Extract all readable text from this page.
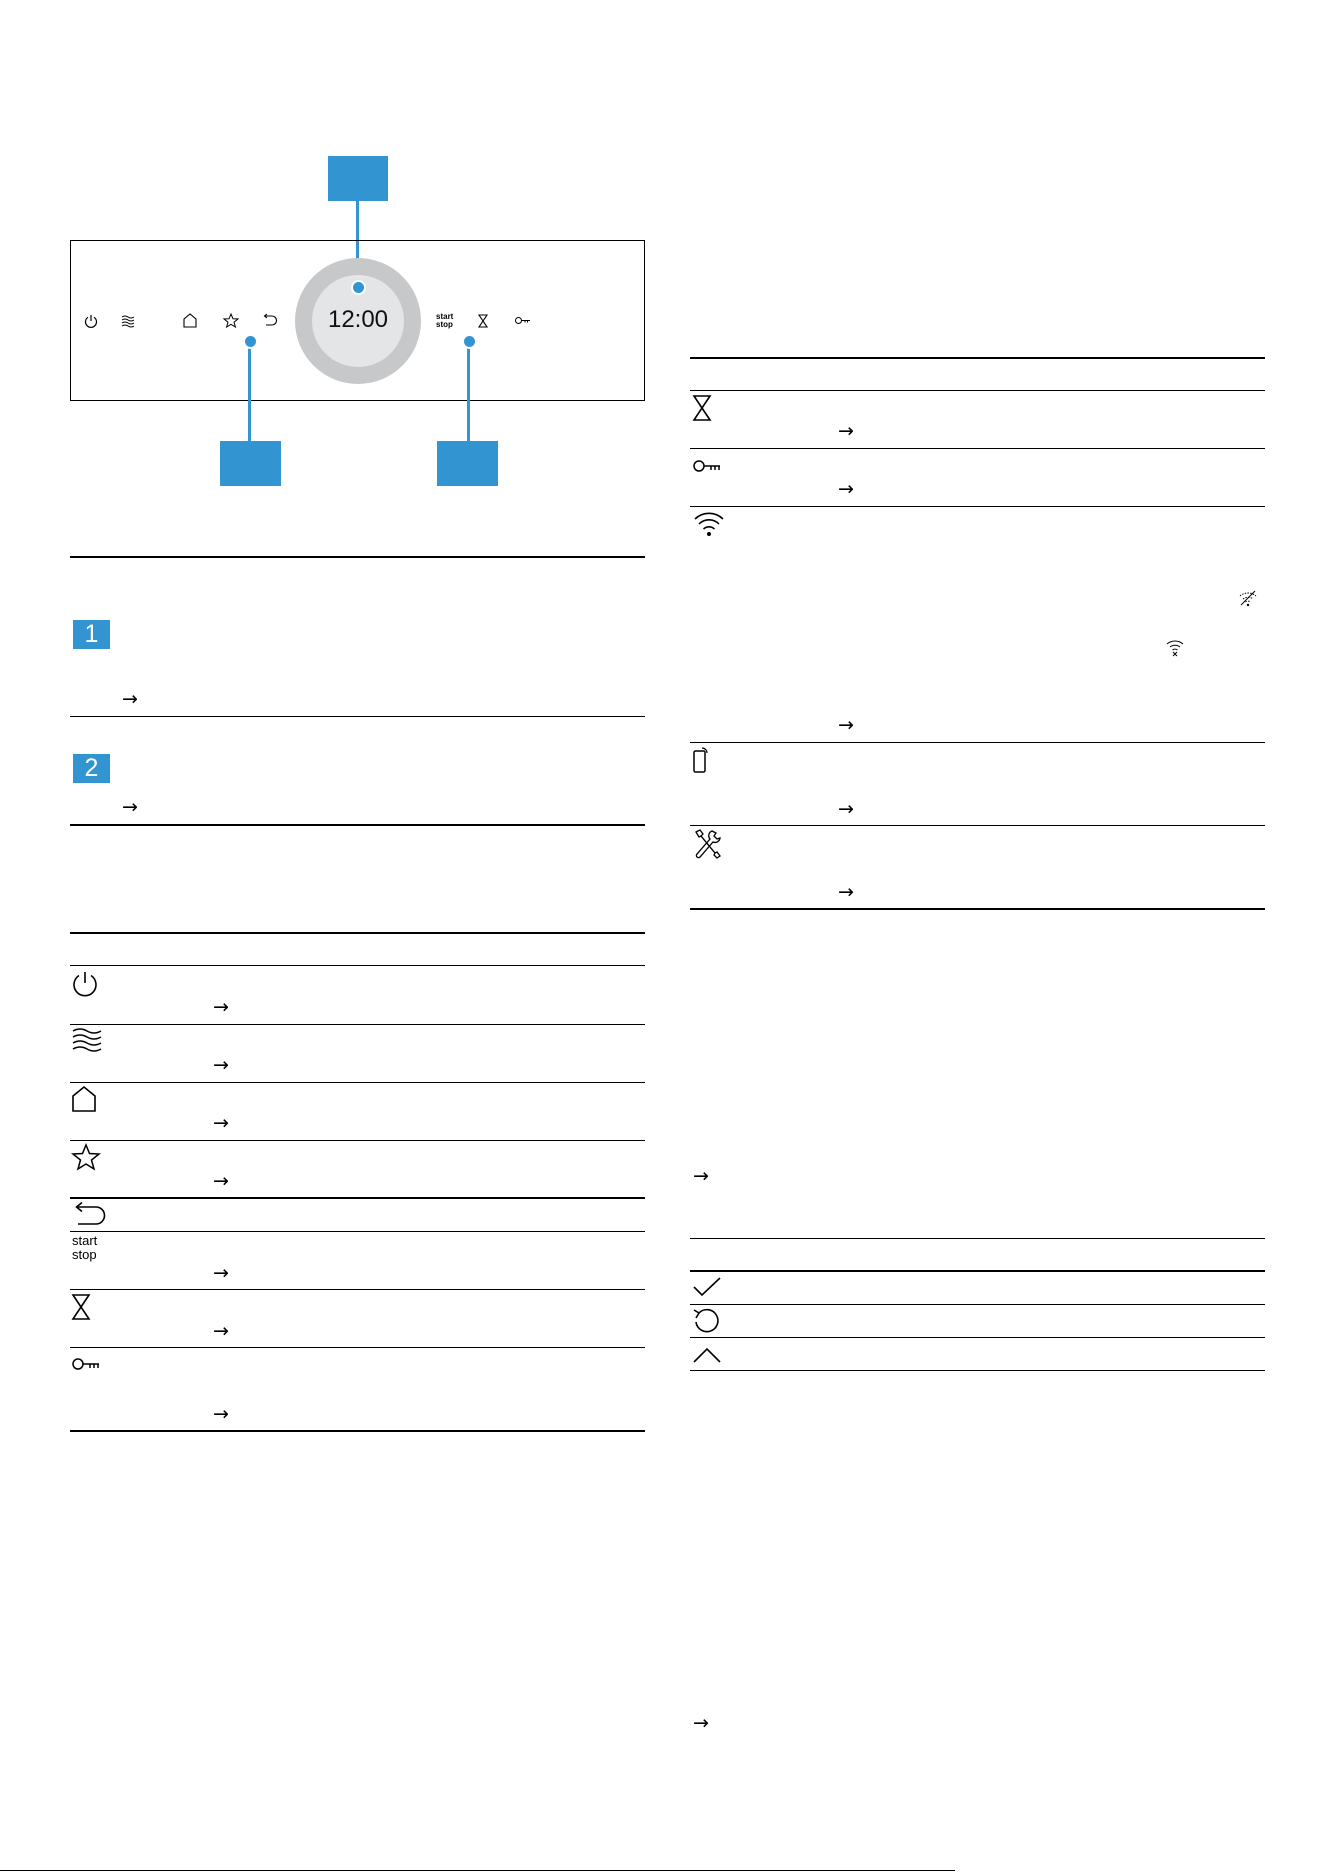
12:00	start
stop
1
→
2
→
→
→
→
→
start
stop
→
→
→
→
→
→
→
→
→
→
